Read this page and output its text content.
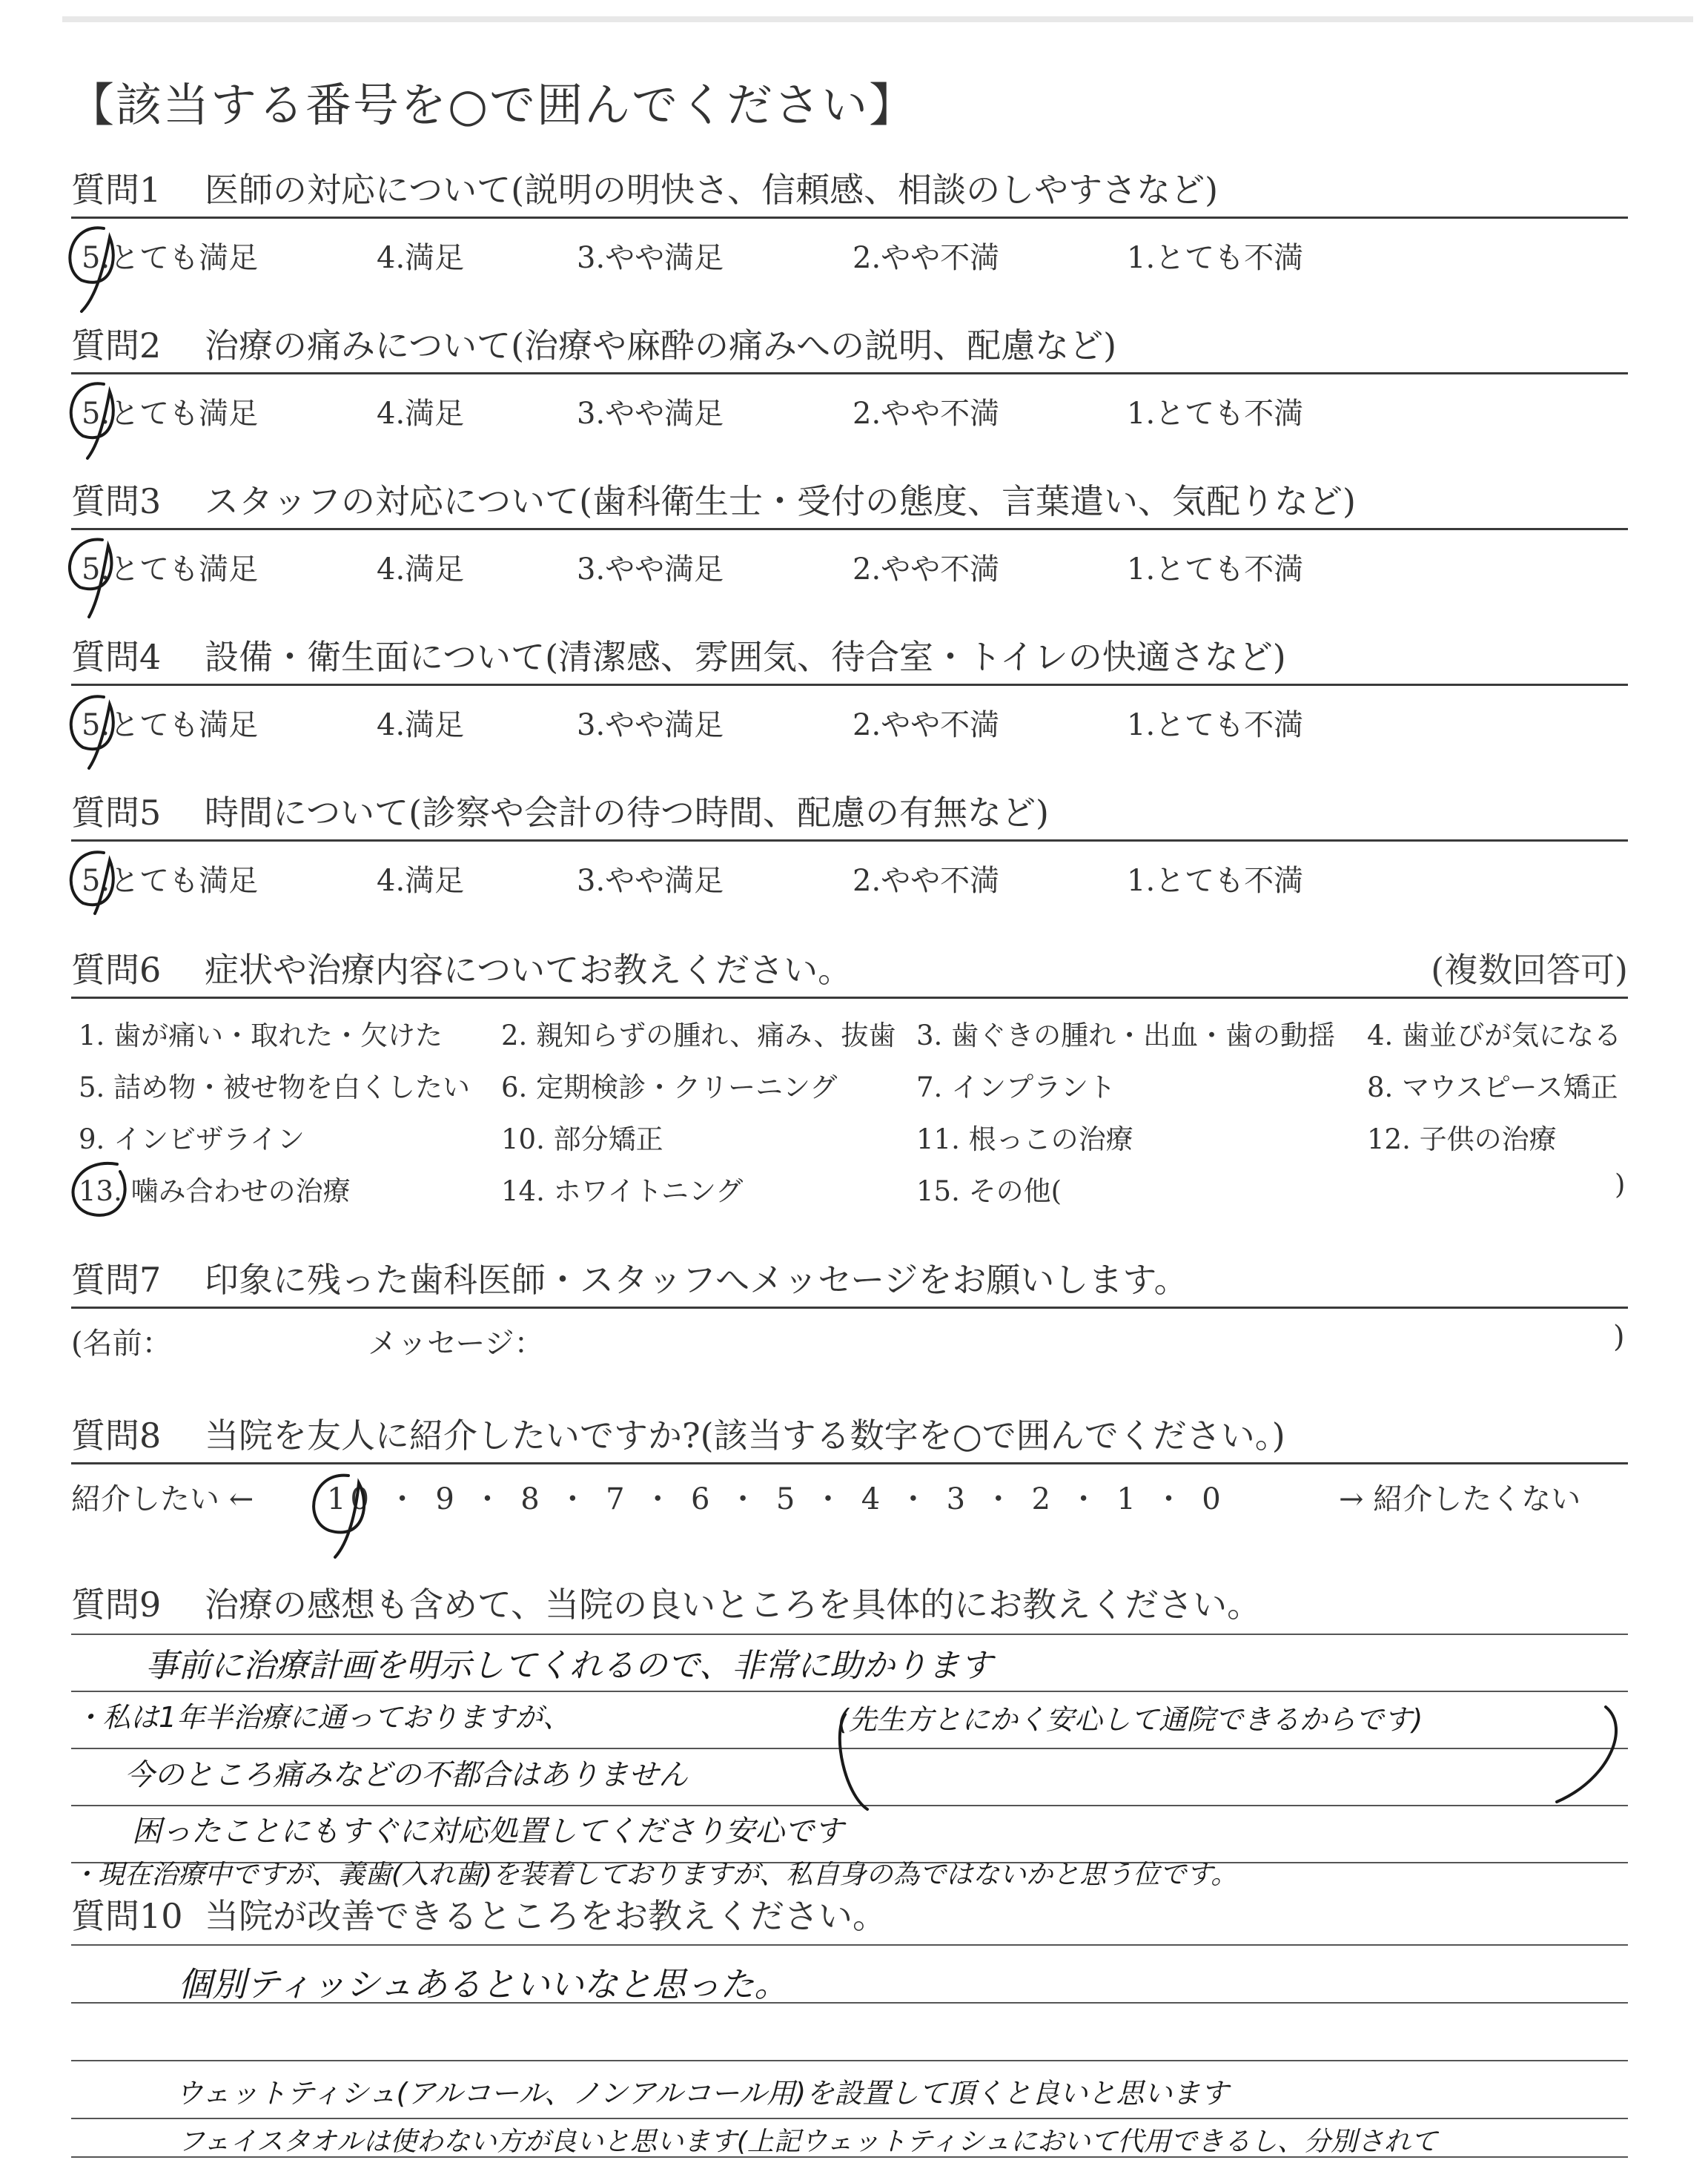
【該当する番号を○で囲んでください】
質問1 医師の対応について(説明の明快さ、信頼感、相談のしやすさなど)
5.とても満足	4.満足	3.やや満足	2.やや不満	1.とても不満
質問2 治療の痛みについて(治療や麻酔の痛みへの説明、配慮など)
5.とても満足	4.満足	3.やや満足	2.やや不満	1.とても不満
質問3 スタッフの対応について(歯科衛生士・受付の態度、言葉遣い、気配りなど)
5.とても満足	4.満足	3.やや満足	2.やや不満	1.とても不満
質問4 設備・衛生面について(清潔感、雰囲気、待合室・トイレの快適さなど)
5.とても満足	4.満足	3.やや満足	2.やや不満	1.とても不満
質問5 時間について(診察や会計の待つ時間、配慮の有無など)
5.とても満足	4.満足	3.やや満足	2.やや不満	1.とても不満
質問6 症状や治療内容についてお教えください。	(複数回答可)
1. 歯が痛い・取れた・欠けた 2. 親知らずの腫れ、痛み、抜歯 3. 歯ぐきの腫れ・出血・歯の動揺 4. 歯並びが気になる
5. 詰め物・被せ物を白くしたい 6. 定期検診・クリーニング	7. インプラント	8. マウスピース矯正
9. インビザライン	10. 部分矯正	11. 根っこの治療	12. 子供の治療
13. 噛み合わせの治療	14. ホワイトニング	15. その他(	)
質問7 印象に残った歯科医師・スタッフへメッセージをお願いします。
(名前：	メッセージ：	)
質問8 当院を友人に紹介したいですか?(該当する数字を○で囲んでください。)
紹介したい ← 10 ・ 9 ・ 8 ・ 7 ・ 6 ・ 5 ・ 4 ・ 3 ・ 2 ・ 1 ・ 0	→ 紹介したくない
質問9 治療の感想も含めて、当院の良いところを具体的にお教えください。
事前に治療計画を明示してくれるので、非常に助かります
・私は1年半治療に通っておりますが、	(先生方とにかく安心して通院できるからです)
今のところ痛みなどの不都合はありません
困ったことにもすぐに対応処置してくださり安心です
・現在治療中ですが、義歯(入れ歯)を装着しておりますが、私自身の為ではないかと思う位です。
質問10 当院が改善できるところをお教えください。
個別ティッシュあるといいなと思った。
ウェットティシュ(アルコール、ノンアルコール用)を設置して頂くと良いと思います
フェイスタオルは使わない方が良いと思います(上記ウェットティシュにおいて代用できるし、分別されて
